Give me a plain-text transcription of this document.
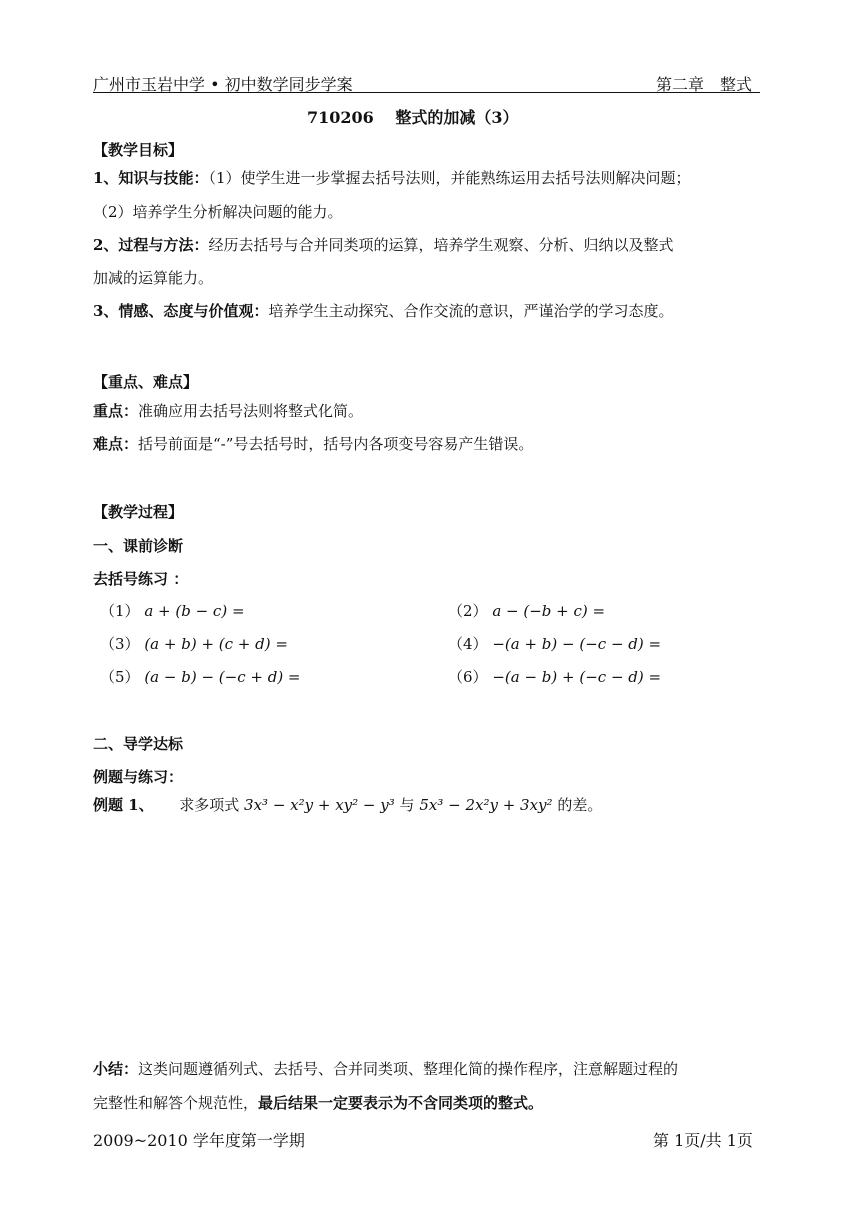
广州市玉岩中学 • 初中数学同步学案	第二章　整式
710206　 整式的加减（3）
【教学目标】
1、知识与技能：（1）使学生进一步掌握去括号法则，并能熟练运用去括号法则解决问题；
（2）培养学生分析解决问题的能力。
2、过程与方法：经历去括号与合并同类项的运算，培养学生观察、分析、归纳以及整式
加减的运算能力。
3、情感、态度与价值观：培养学生主动探究、合作交流的意识，严谨治学的学习态度。
【重点、难点】
重点：准确应用去括号法则将整式化简。
难点：括号前面是“-”号去括号时，括号内各项变号容易产生错误。
【教学过程】
一、课前诊断
去括号练习 ：
（1） a + (b − c) =	（2） a − (−b + c) =
（3） (a + b) + (c + d) =	（4） −(a + b) − (−c − d) =
（5） (a − b) − (−c + d) =	（6） −(a − b) + (−c − d) =
二、导学达标
例题与练习：
例题 1、 求多项式 3x³ − x²y + xy² − y³ 与 5x³ − 2x²y + 3xy² 的差。
小结：这类问题遵循列式、去括号、合并同类项、整理化简的操作程序，注意解题过程的
完整性和解答个规范性，最后结果一定要表示为不含同类项的整式。
2009~2010 学年度第一学期	第 1页/共 1页
